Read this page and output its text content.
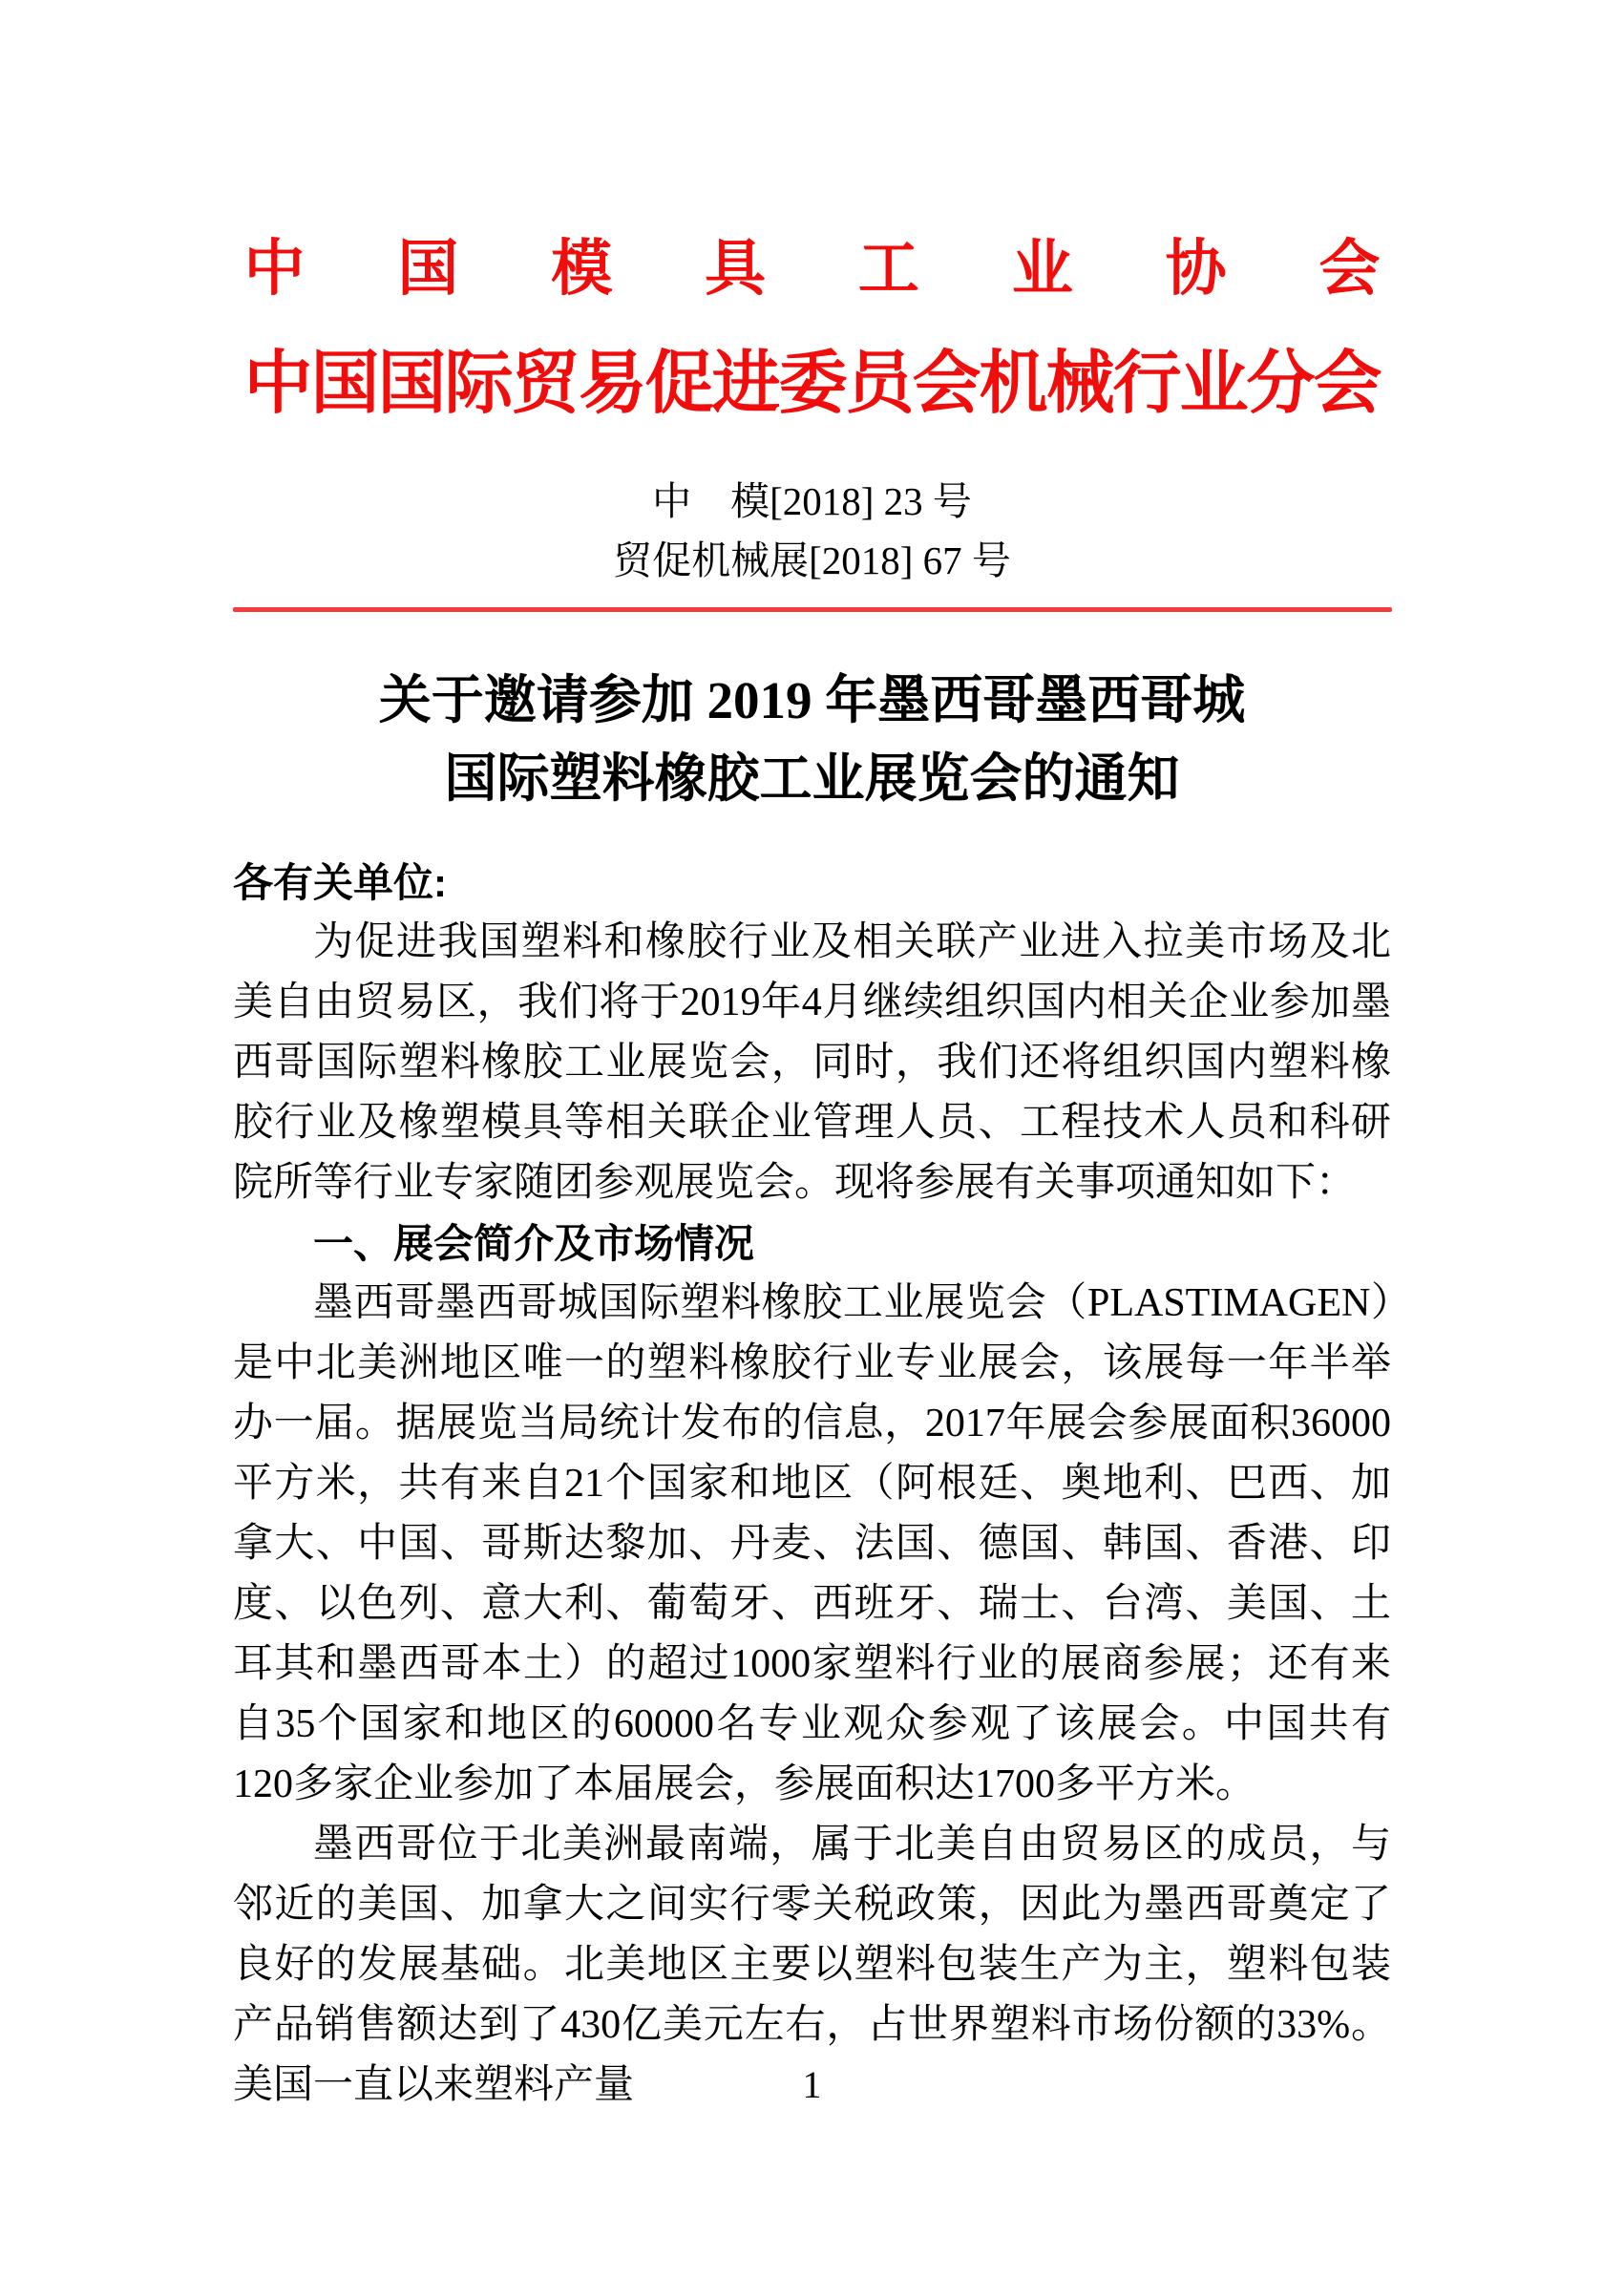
中　国　模　具　工　业　协　会
中国国际贸易促进委员会机械行业分会
中　模[2018] 23 号
贸促机械展[2018] 67 号
关于邀请参加 2019 年墨西哥墨西哥城
国际塑料橡胶工业展览会的通知

各有关单位:

为促进我国塑料和橡胶行业及相关联产业进入拉美市场及北美自由贸易区，我们将于2019年4月继续组织国内相关企业参加墨西哥国际塑料橡胶工业展览会，同时，我们还将组织国内塑料橡胶行业及橡塑模具等相关联企业管理人员、工程技术人员和科研院所等行业专家随团参观展览会。现将参展有关事项通知如下：

一、展会简介及市场情况

墨西哥墨西哥城国际塑料橡胶工业展览会（PLASTIMAGEN）是中北美洲地区唯一的塑料橡胶行业专业展会，该展每一年半举办一届。据展览当局统计发布的信息，2017年展会参展面积36000平方米，共有来自21个国家和地区（阿根廷、奥地利、巴西、加拿大、中国、哥斯达黎加、丹麦、法国、德国、韩国、香港、印度、以色列、意大利、葡萄牙、西班牙、瑞士、台湾、美国、土耳其和墨西哥本土）的超过1000家塑料行业的展商参展；还有来自35个国家和地区的60000名专业观众参观了该展会。中国共有120多家企业参加了本届展会，参展面积达1700多平方米。

墨西哥位于北美洲最南端，属于北美自由贸易区的成员，与邻近的美国、加拿大之间实行零关税政策，因此为墨西哥奠定了良好的发展基础。北美地区主要以塑料包装生产为主，塑料包装产品销售额达到了430亿美元左右，占世界塑料市场份额的33%。美国一直以来塑料产量	1
